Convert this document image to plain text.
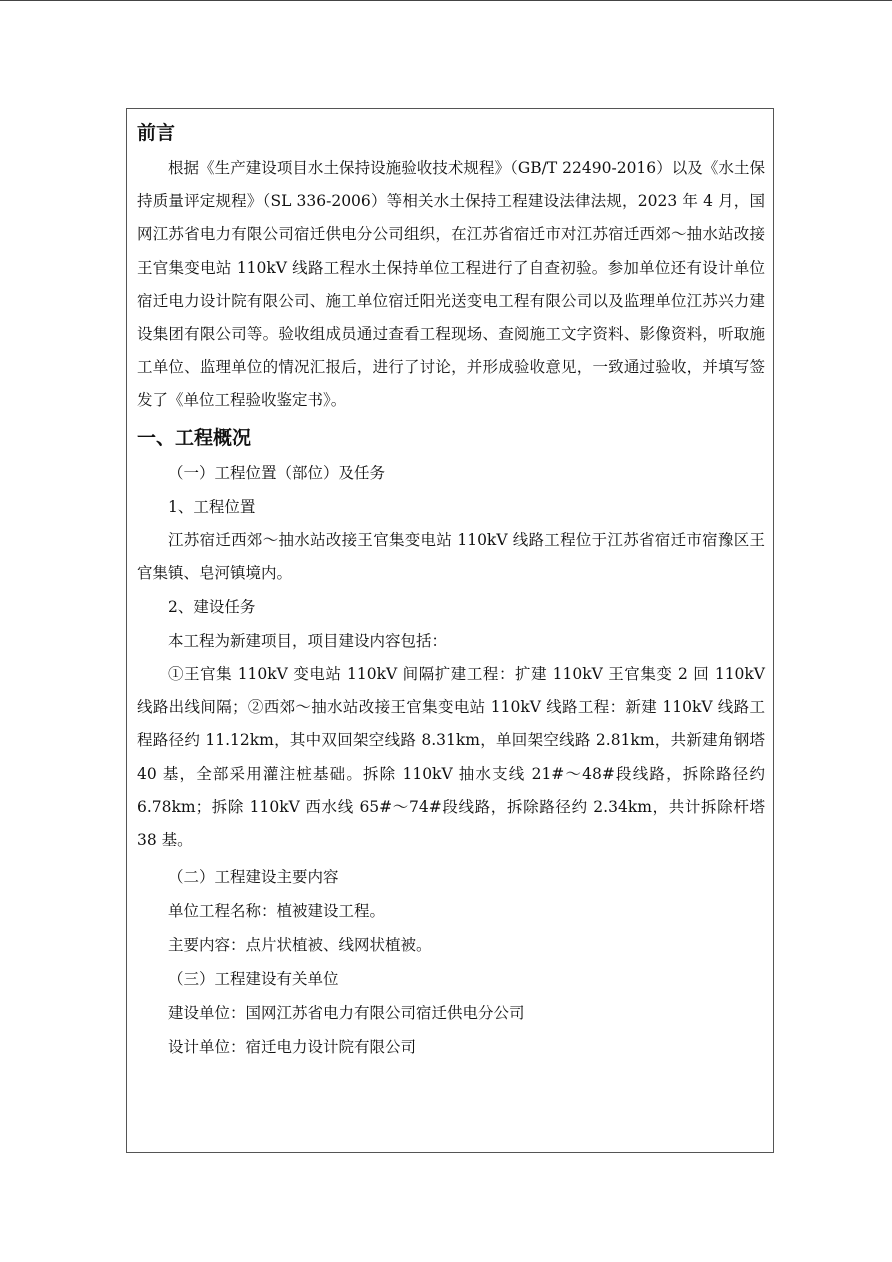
前言

根据《生产建设项目水土保持设施验收技术规程》（GB/T 22490-2016）以及《水土保持质量评定规程》（SL 336-2006）等相关水土保持工程建设法律法规，2023 年 4 月，国网江苏省电力有限公司宿迁供电分公司组织，在江苏省宿迁市对江苏宿迁西郊～抽水站改接王官集变电站 110kV 线路工程水土保持单位工程进行了自查初验。参加单位还有设计单位宿迁电力设计院有限公司、施工单位宿迁阳光送变电工程有限公司以及监理单位江苏兴力建设集团有限公司等。验收组成员通过查看工程现场、查阅施工文字资料、影像资料，听取施工单位、监理单位的情况汇报后，进行了讨论，并形成验收意见，一致通过验收，并填写签发了《单位工程验收鉴定书》。

一、工程概况

（一）工程位置（部位）及任务

1、工程位置

江苏宿迁西郊～抽水站改接王官集变电站 110kV 线路工程位于江苏省宿迁市宿豫区王官集镇、皂河镇境内。

2、建设任务

本工程为新建项目，项目建设内容包括：

①王官集 110kV 变电站 110kV 间隔扩建工程：扩建 110kV 王官集变 2 回 110kV 线路出线间隔；②西郊～抽水站改接王官集变电站 110kV 线路工程：新建 110kV 线路工程路径约 11.12km，其中双回架空线路 8.31km，单回架空线路 2.81km，共新建角钢塔 40 基，全部采用灌注桩基础。拆除 110kV 抽水支线 21#～48#段线路，拆除路径约 6.78km；拆除 110kV 西水线 65#～74#段线路，拆除路径约 2.34km，共计拆除杆塔 38 基。

（二）工程建设主要内容

单位工程名称：植被建设工程。

主要内容：点片状植被、线网状植被。

（三）工程建设有关单位

建设单位：国网江苏省电力有限公司宿迁供电分公司

设计单位：宿迁电力设计院有限公司
